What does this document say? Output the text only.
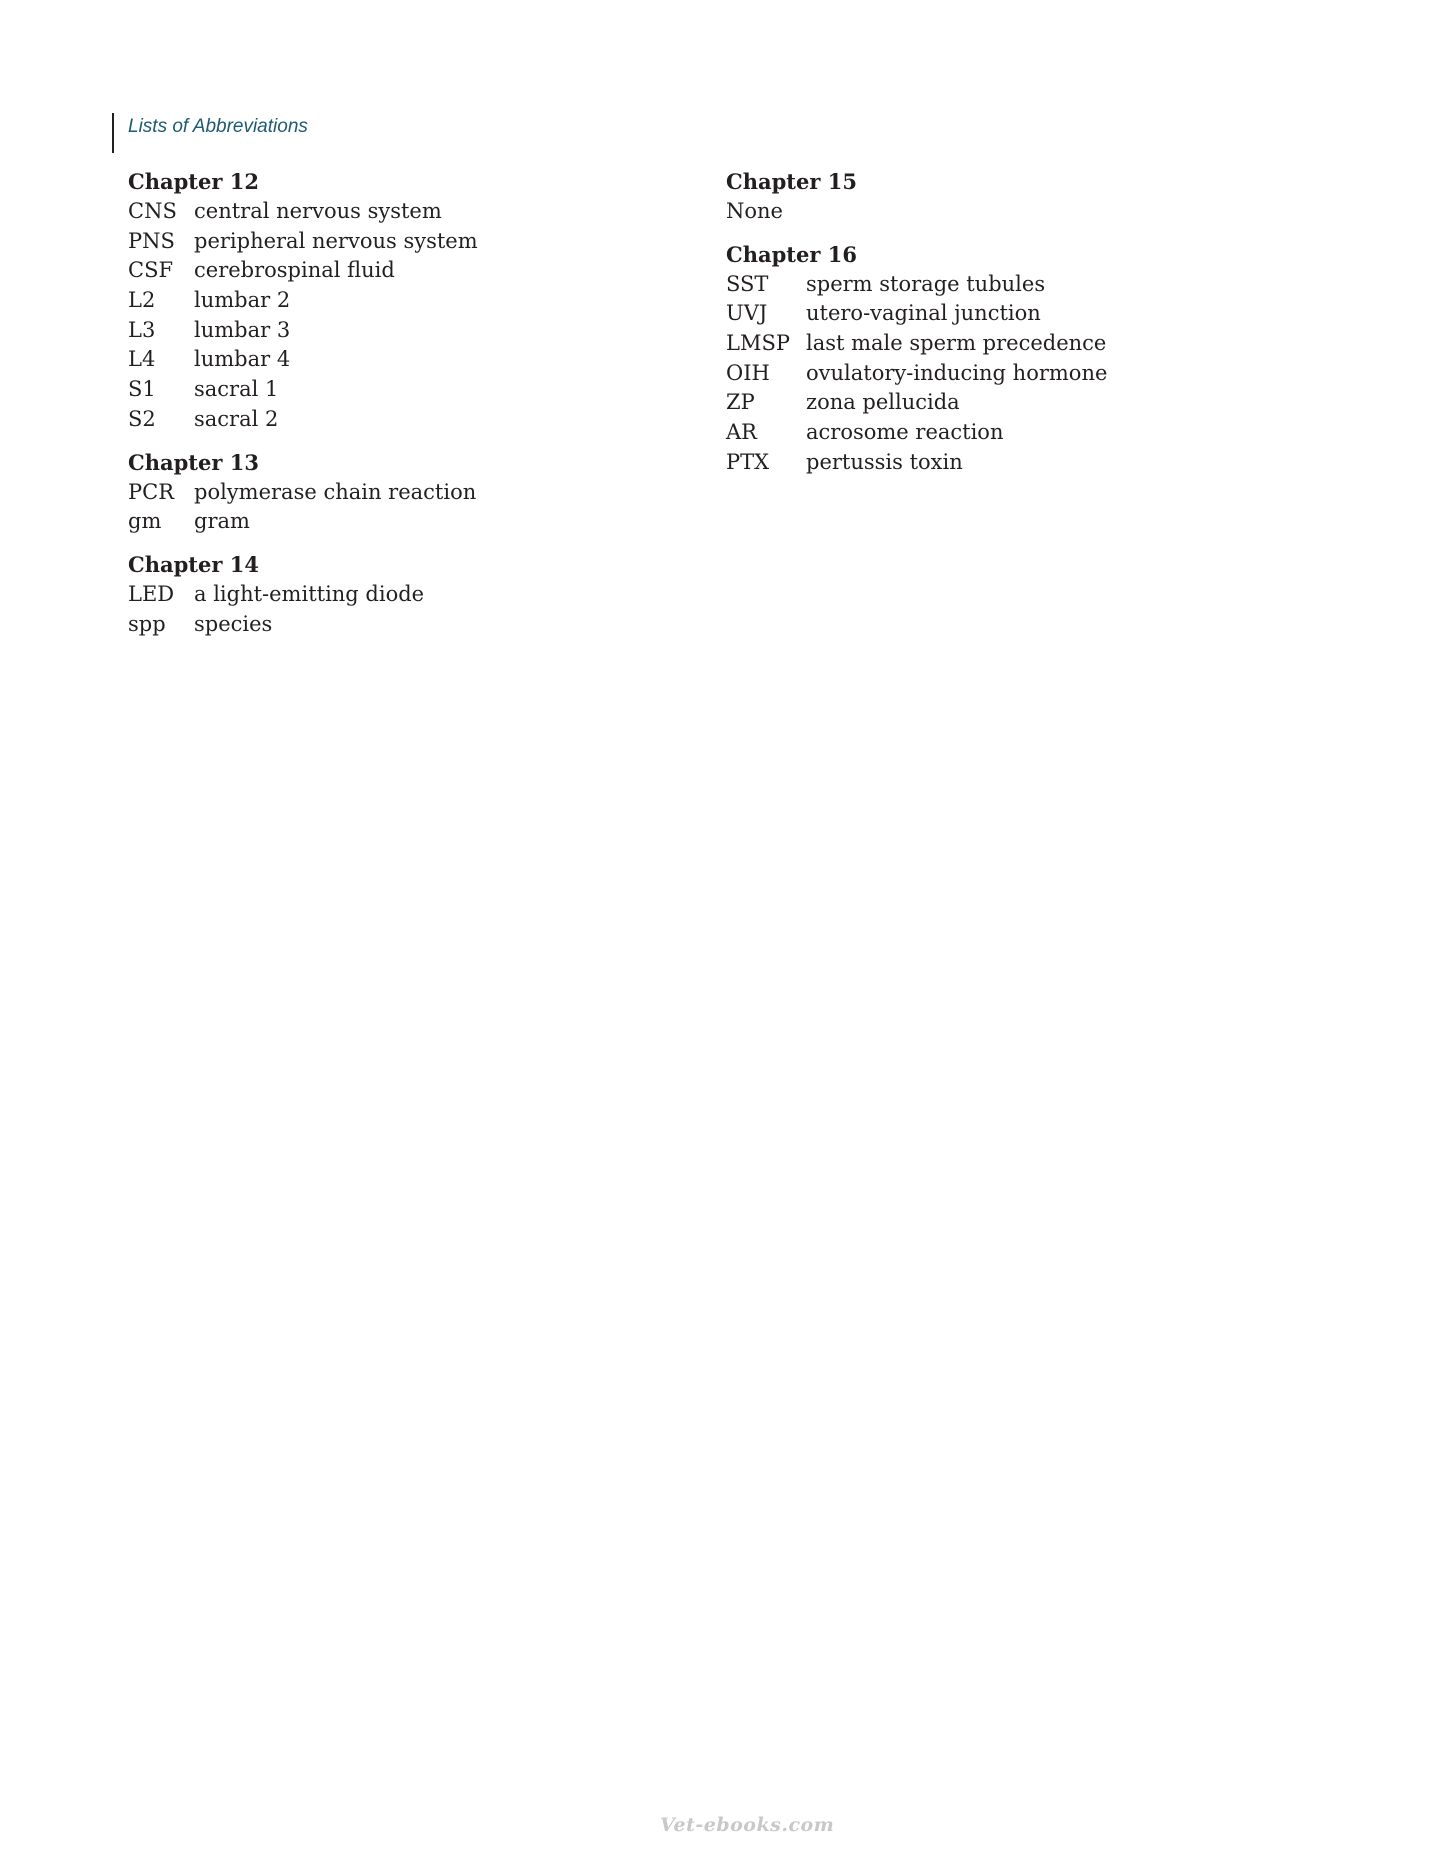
Lists of Abbreviations
Chapter 12
CNS central nervous system
PNS peripheral nervous system
CSF cerebrospinal fluid
L2	lumbar 2
L3	lumbar 3
L4	lumbar 4
S1	sacral 1
S2	sacral 2
Chapter 13
PCR polymerase chain reaction
gm	gram
Chapter 14
LED a light-emitting diode
spp	species
Chapter 15
None
Chapter 16
SST	sperm storage tubules
UVJ	utero-vaginal junction
LMSP last male sperm precedence
OIH	ovulatory-inducing hormone
ZP	zona pellucida
AR	acrosome reaction
PTX	pertussis toxin
Vet-ebooks.com
